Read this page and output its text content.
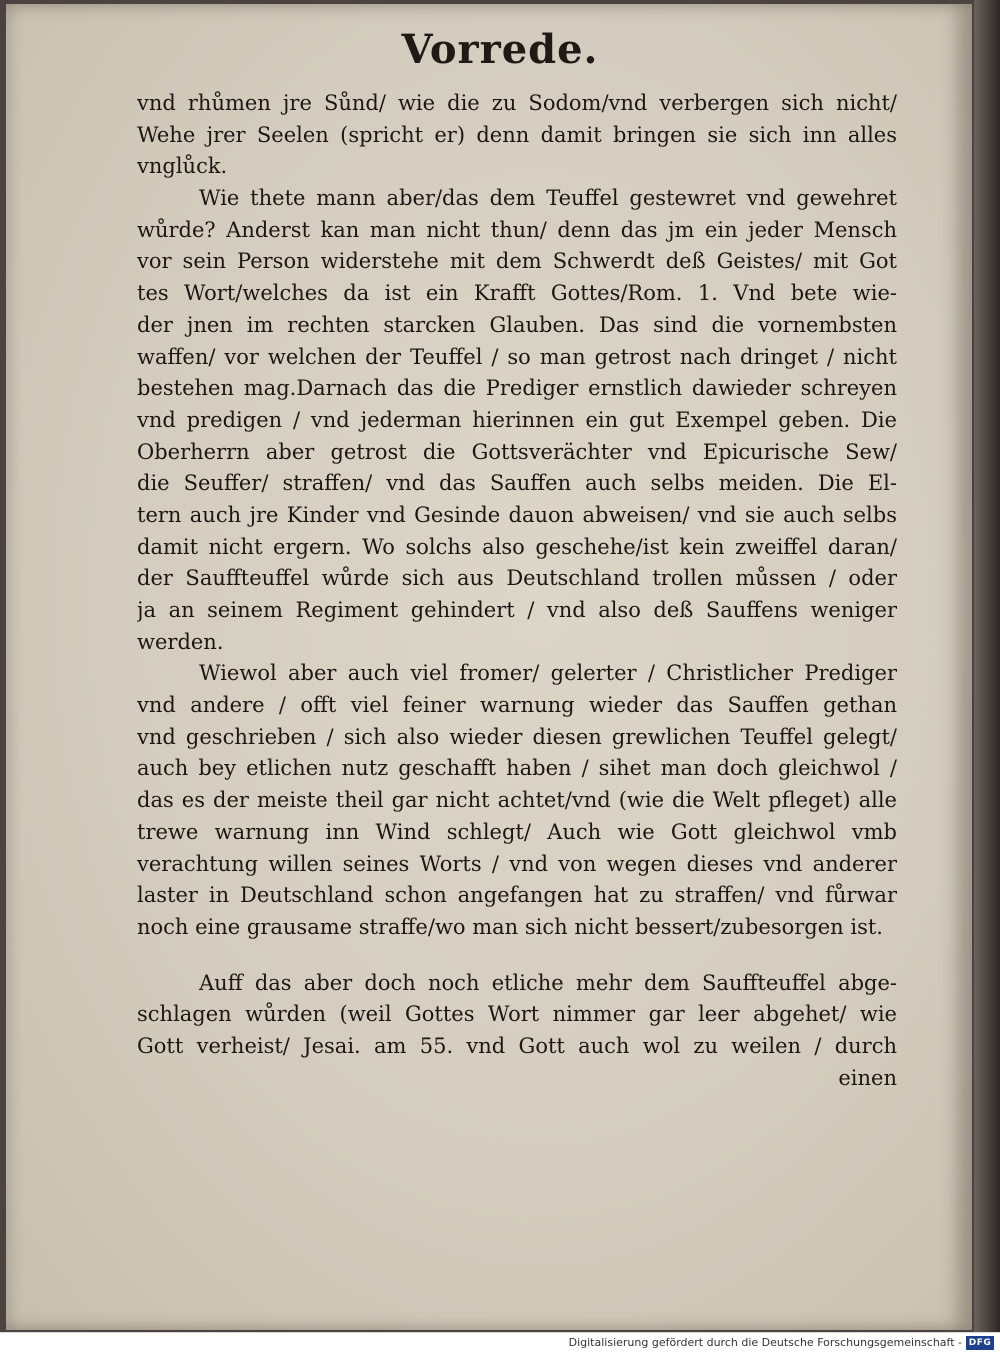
Vorrede.
vnd rhůmen jre Sůnd/ wie die zu Sodom/vnd verbergen sich nicht/
Wehe jrer Seelen (spricht er) denn damit bringen sie sich inn alles
vnglůck.
Wie thete mann aber/das dem Teuffel gestewret vnd gewehret
wůrde? Anderst kan man nicht thun/ denn das jm ein jeder Mensch
vor sein Person widerstehe mit dem Schwerdt deß Geistes/ mit Got
tes Wort/welches da ist ein Krafft Gottes/Rom. 1. Vnd bete wie-
der jnen im rechten starcken Glauben. Das sind die vornembsten
waffen/ vor welchen der Teuffel / so man getrost nach dringet / nicht
bestehen mag.Darnach das die Prediger ernstlich dawieder schreyen
vnd predigen / vnd jederman hierinnen ein gut Exempel geben. Die
Oberherrn aber getrost die Gottsverächter vnd Epicurische Sew/
die Seuffer/ straffen/ vnd das Sauffen auch selbs meiden. Die El-
tern auch jre Kinder vnd Gesinde dauon abweisen/ vnd sie auch selbs
damit nicht ergern. Wo solchs also geschehe/ist kein zweiffel daran/
der Sauffteuffel wůrde sich aus Deutschland trollen můssen / oder
ja an seinem Regiment gehindert / vnd also deß Sauffens weniger
werden.
Wiewol aber auch viel fromer/ gelerter / Christlicher Prediger
vnd andere / offt viel feiner warnung wieder das Sauffen gethan
vnd geschrieben / sich also wieder diesen grewlichen Teuffel gelegt/
auch bey etlichen nutz geschafft haben / sihet man doch gleichwol /
das es der meiste theil gar nicht achtet/vnd (wie die Welt pfleget) alle
trewe warnung inn Wind schlegt/ Auch wie Gott gleichwol vmb
verachtung willen seines Worts / vnd von wegen dieses vnd anderer
laster in Deutschland schon angefangen hat zu straffen/ vnd fůrwar
noch eine grausame straffe/wo man sich nicht bessert/zubesorgen ist.
Auff das aber doch noch etliche mehr dem Sauffteuffel abge-
schlagen wůrden (weil Gottes Wort nimmer gar leer abgehet/ wie
Gott verheist/ Jesai. am 55. vnd Gott auch wol zu weilen / durch
einen
Digitalisierung gefördert durch die Deutsche Forschungsgemeinschaft - DFG
